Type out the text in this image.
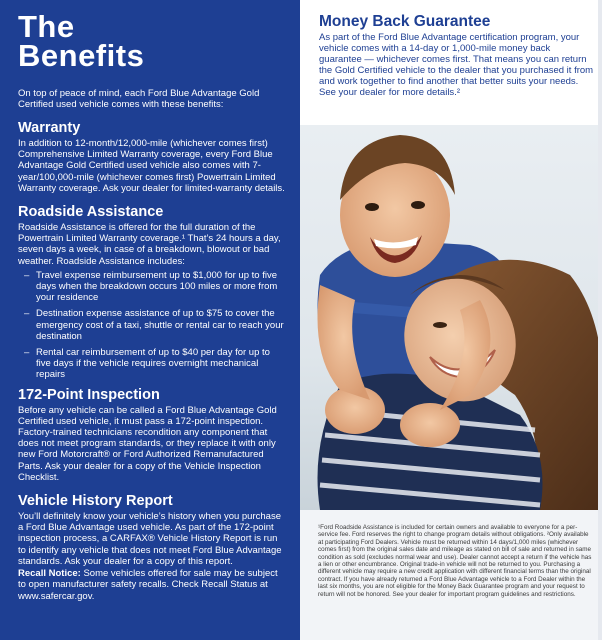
The
Benefits

On top of peace of mind, each Ford Blue Advantage Gold Certified used vehicle comes with these benefits:

Warranty

In addition to 12-month/12,000-mile (whichever comes first) Comprehensive Limited Warranty coverage, every Ford Blue Advantage Gold Certified used vehicle also comes with 7-year/100,000-mile (whichever comes first) Powertrain Limited Warranty coverage. Ask your dealer for limited-warranty details.

Roadside Assistance

Roadside Assistance is offered for the full duration of the Powertrain Limited Warranty coverage.¹ That’s 24 hours a day, seven days a week, in case of a breakdown, blowout or bad weather. Roadside Assistance includes:

– Travel expense reimbursement up to $1,000 for up to five days when the breakdown occurs 100 miles or more from your residence
– Destination expense assistance of up to $75 to cover the emergency cost of a taxi, shuttle or rental car to reach your destination
– Rental car reimbursement of up to $40 per day for up to five days if the vehicle requires overnight mechanical repairs
172-Point Inspection

Before any vehicle can be called a Ford Blue Advantage Gold Certified used vehicle, it must pass a 172-point inspection. Factory-trained technicians recondition any component that does not meet program standards, or they replace it with only new Ford Motorcraft® or Ford Authorized Remanufactured Parts. Ask your dealer for a copy of the Vehicle Inspection Checklist.

Vehicle History Report

You’ll definitely know your vehicle’s history when you purchase a Ford Blue Advantage used vehicle. As part of the 172-point inspection process, a CARFAX® Vehicle History Report is run to identify any vehicle that does not meet Ford Blue Advantage standards. Ask your dealer for a copy of this report.

Recall Notice: Some vehicles offered for sale may be subject to open manufacturer safety recalls. Check Recall Status at www.safercar.gov.

Money Back Guarantee

As part of the Ford Blue Advantage certification program, your vehicle comes with a 14-day or 1,000-mile money back guarantee — whichever comes first. That means you can return the Gold Certified vehicle to the dealer that you purchased it from and work together to find another that better suits your needs. See your dealer for more details.²

¹Ford Roadside Assistance is included for certain owners and available to everyone for a per-service fee. Ford reserves the right to change program details without obligations. ²Only available at participating Ford Dealers. Vehicle must be returned within 14 days/1,000 miles (whichever comes first) from the original sales date and mileage as stated on bill of sale and returned in same condition as sold (excludes normal wear and use). Dealer cannot accept a return if the vehicle has a lien or other encumbrance. Original trade-in vehicle will not be returned to you. Purchasing a different vehicle may require a new credit application with different financial terms than the original contract. If you have already returned a Ford Blue Advantage vehicle to a Ford Dealer within the last six months, you are not eligible for the Money Back Guarantee program and your request to return will not be honored. See your dealer for important program guidelines and restrictions.
